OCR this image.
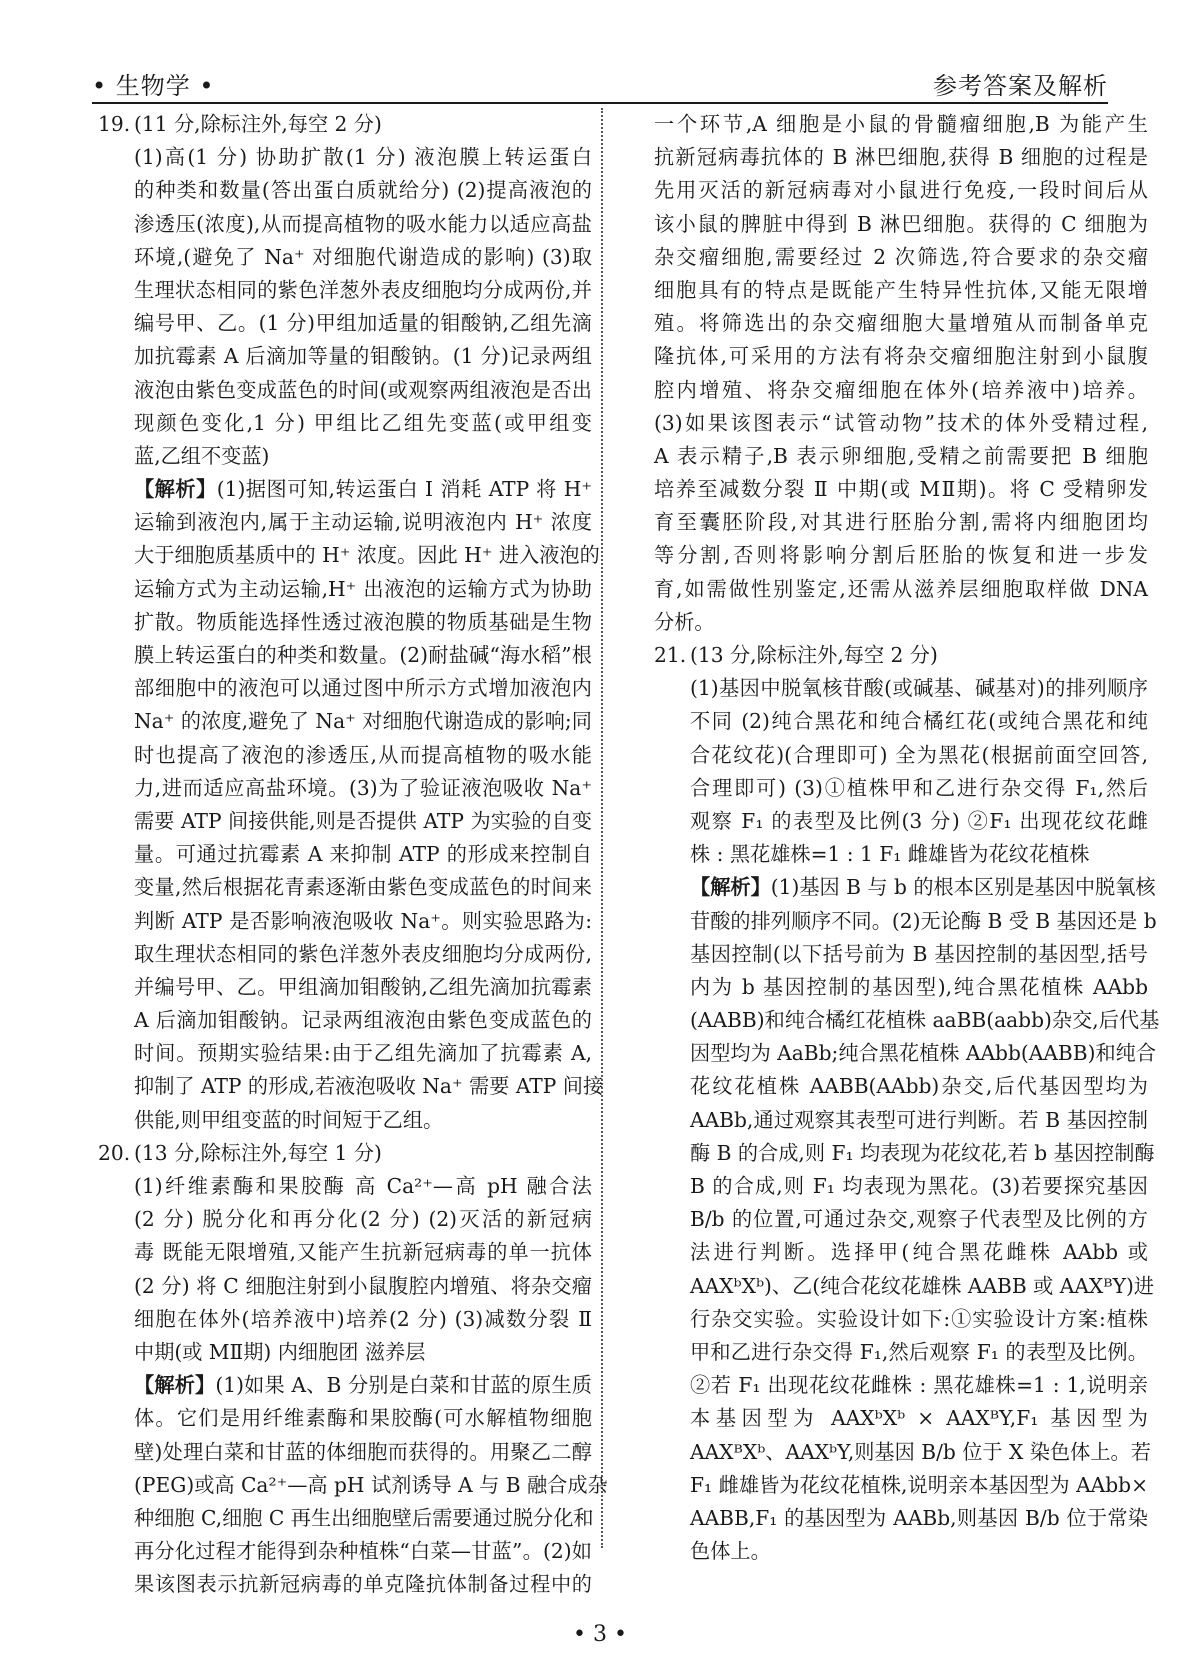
• 生物学 •	参考答案及解析
19. (11 分,除标注外,每空 2 分)
(1)高(1 分) 协助扩散(1 分) 液泡膜上转运蛋白
的种类和数量(答出蛋白质就给分) (2)提高液泡的
渗透压(浓度),从而提高植物的吸水能力以适应高盐
环境,(避免了 Na⁺ 对细胞代谢造成的影响) (3)取
生理状态相同的紫色洋葱外表皮细胞均分成两份,并
编号甲、乙。(1 分)甲组加适量的钼酸钠,乙组先滴
加抗霉素 A 后滴加等量的钼酸钠。(1 分)记录两组
液泡由紫色变成蓝色的时间(或观察两组液泡是否出
现颜色变化,1 分) 甲组比乙组先变蓝(或甲组变
蓝,乙组不变蓝)
【解析】(1)据图可知,转运蛋白 Ⅰ 消耗 ATP 将 H⁺
运输到液泡内,属于主动运输,说明液泡内 H⁺ 浓度
大于细胞质基质中的 H⁺ 浓度。因此 H⁺ 进入液泡的
运输方式为主动运输,H⁺ 出液泡的运输方式为协助
扩散。物质能选择性透过液泡膜的物质基础是生物
膜上转运蛋白的种类和数量。(2)耐盐碱“海水稻”根
部细胞中的液泡可以通过图中所示方式增加液泡内
Na⁺ 的浓度,避免了 Na⁺ 对细胞代谢造成的影响;同
时也提高了液泡的渗透压,从而提高植物的吸水能
力,进而适应高盐环境。(3)为了验证液泡吸收 Na⁺
需要 ATP 间接供能,则是否提供 ATP 为实验的自变
量。可通过抗霉素 A 来抑制 ATP 的形成来控制自
变量,然后根据花青素逐渐由紫色变成蓝色的时间来
判断 ATP 是否影响液泡吸收 Na⁺。则实验思路为:
取生理状态相同的紫色洋葱外表皮细胞均分成两份,
并编号甲、乙。甲组滴加钼酸钠,乙组先滴加抗霉素
A 后滴加钼酸钠。记录两组液泡由紫色变成蓝色的
时间。预期实验结果:由于乙组先滴加了抗霉素 A,
抑制了 ATP 的形成,若液泡吸收 Na⁺ 需要 ATP 间接
供能,则甲组变蓝的时间短于乙组。
20. (13 分,除标注外,每空 1 分)
(1)纤维素酶和果胶酶 高 Ca²⁺—高 pH 融合法
(2 分) 脱分化和再分化(2 分) (2)灭活的新冠病
毒 既能无限增殖,又能产生抗新冠病毒的单一抗体
(2 分) 将 C 细胞注射到小鼠腹腔内增殖、将杂交瘤
细胞在体外(培养液中)培养(2 分) (3)减数分裂 Ⅱ
中期(或 MⅡ期) 内细胞团 滋养层
【解析】(1)如果 A、B 分别是白菜和甘蓝的原生质
体。它们是用纤维素酶和果胶酶(可水解植物细胞
壁)处理白菜和甘蓝的体细胞而获得的。用聚乙二醇
(PEG)或高 Ca²⁺—高 pH 试剂诱导 A 与 B 融合成杂
种细胞 C,细胞 C 再生出细胞壁后需要通过脱分化和
再分化过程才能得到杂种植株“白菜—甘蓝”。(2)如
果该图表示抗新冠病毒的单克隆抗体制备过程中的
一个环节,A 细胞是小鼠的骨髓瘤细胞,B 为能产生
抗新冠病毒抗体的 B 淋巴细胞,获得 B 细胞的过程是
先用灭活的新冠病毒对小鼠进行免疫,一段时间后从
该小鼠的脾脏中得到 B 淋巴细胞。获得的 C 细胞为
杂交瘤细胞,需要经过 2 次筛选,符合要求的杂交瘤
细胞具有的特点是既能产生特异性抗体,又能无限增
殖。将筛选出的杂交瘤细胞大量增殖从而制备单克
隆抗体,可采用的方法有将杂交瘤细胞注射到小鼠腹
腔内增殖、将杂交瘤细胞在体外(培养液中)培养。
(3)如果该图表示“试管动物”技术的体外受精过程,
A 表示精子,B 表示卵细胞,受精之前需要把 B 细胞
培养至减数分裂 Ⅱ 中期(或 MⅡ期)。将 C 受精卵发
育至囊胚阶段,对其进行胚胎分割,需将内细胞团均
等分割,否则将影响分割后胚胎的恢复和进一步发
育,如需做性别鉴定,还需从滋养层细胞取样做 DNA
分析。
21. (13 分,除标注外,每空 2 分)
(1)基因中脱氧核苷酸(或碱基、碱基对)的排列顺序
不同 (2)纯合黑花和纯合橘红花(或纯合黑花和纯
合花纹花)(合理即可) 全为黑花(根据前面空回答,
合理即可) (3)①植株甲和乙进行杂交得 F₁,然后
观察 F₁ 的表型及比例(3 分) ②F₁ 出现花纹花雌
株 : 黑花雄株=1 : 1 F₁ 雌雄皆为花纹花植株
【解析】(1)基因 B 与 b 的根本区别是基因中脱氧核
苷酸的排列顺序不同。(2)无论酶 B 受 B 基因还是 b
基因控制(以下括号前为 B 基因控制的基因型,括号
内为 b 基因控制的基因型),纯合黑花植株 AAbb
(AABB)和纯合橘红花植株 aaBB(aabb)杂交,后代基
因型均为 AaBb;纯合黑花植株 AAbb(AABB)和纯合
花纹花植株 AABB(AAbb)杂交,后代基因型均为
AABb,通过观察其表型可进行判断。若 B 基因控制
酶 B 的合成,则 F₁ 均表现为花纹花,若 b 基因控制酶
B 的合成,则 F₁ 均表现为黑花。(3)若要探究基因
B/b 的位置,可通过杂交,观察子代表型及比例的方
法进行判断。选择甲(纯合黑花雌株 AAbb 或
AAXᵇXᵇ)、乙(纯合花纹花雄株 AABB 或 AAXᴮY)进
行杂交实验。实验设计如下:①实验设计方案:植株
甲和乙进行杂交得 F₁,然后观察 F₁ 的表型及比例。
②若 F₁ 出现花纹花雌株 : 黑花雄株=1 : 1,说明亲
本基因型为 AAXᵇXᵇ × AAXᴮY,F₁ 基因型为
AAXᴮXᵇ、AAXᵇY,则基因 B/b 位于 X 染色体上。若
F₁ 雌雄皆为花纹花植株,说明亲本基因型为 AAbb×
AABB,F₁ 的基因型为 AABb,则基因 B/b 位于常染
色体上。
• 3 •
